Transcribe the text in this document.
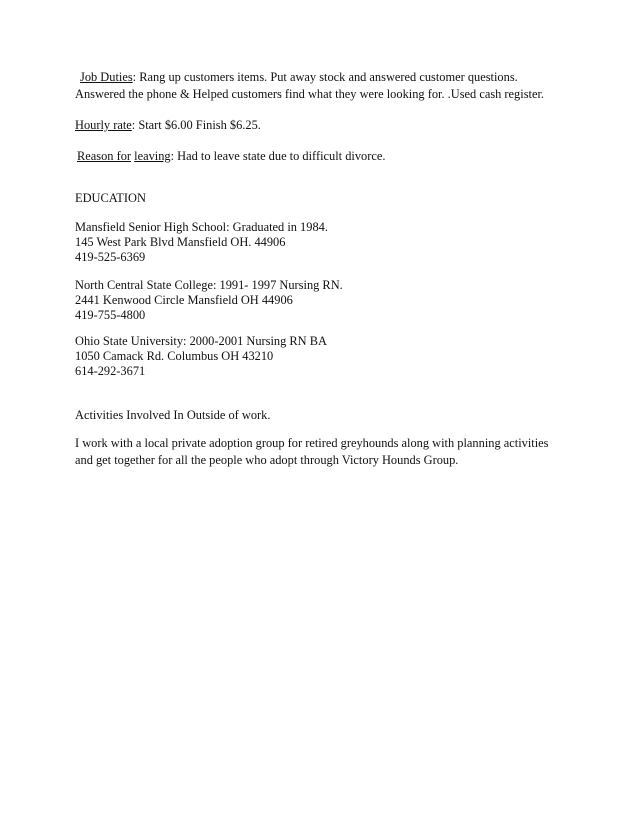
Job Duties: Rang up customers items. Put away stock and answered customer questions.
Answered the phone & Helped customers find what they were looking for. .Used cash register.
Hourly rate: Start $6.00 Finish $6.25.
Reason for leaving: Had to leave state due to difficult divorce.
EDUCATION
Mansfield Senior High School: Graduated in 1984.
145 West Park Blvd Mansfield OH. 44906
419-525-6369
North Central State College: 1991- 1997 Nursing RN.
2441 Kenwood Circle Mansfield OH 44906
419-755-4800
Ohio State University: 2000-2001 Nursing RN BA
1050 Camack Rd. Columbus OH 43210
614-292-3671
Activities Involved In Outside of work.
I work with a local private adoption group for retired greyhounds along with planning activities
and get together for all the people who adopt through Victory Hounds Group.
